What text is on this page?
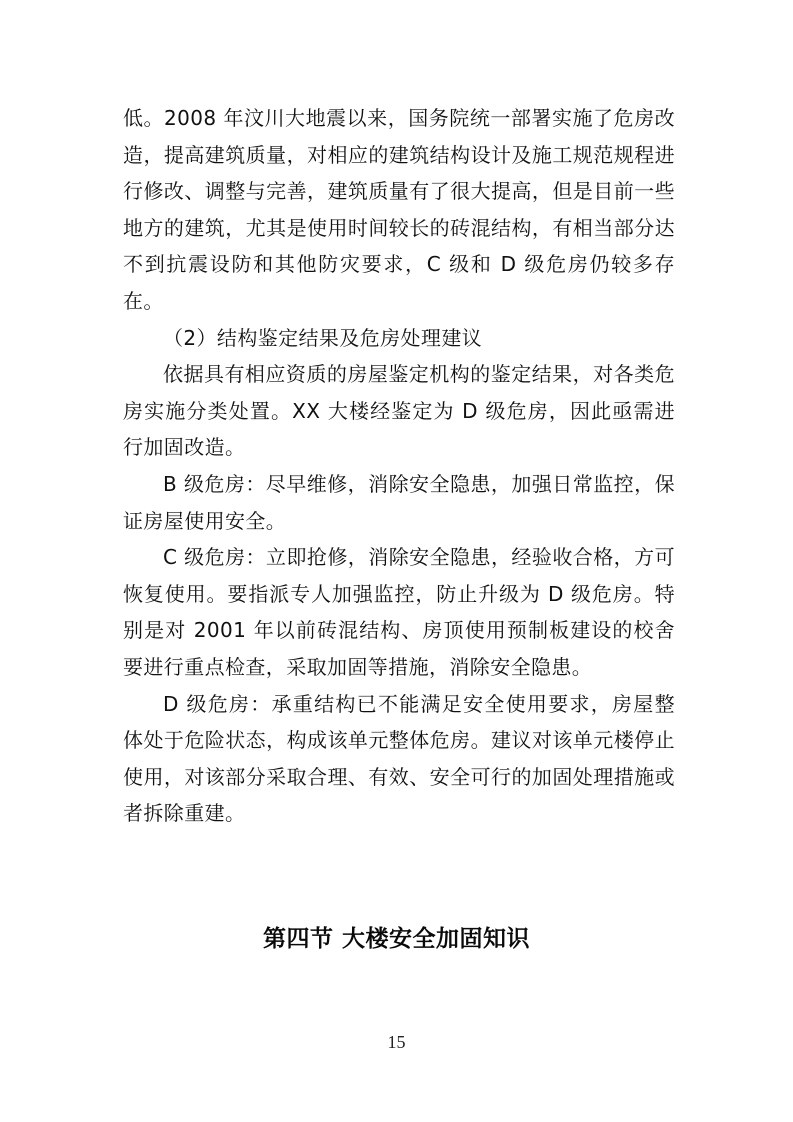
低。2008 年汶川大地震以来，国务院统一部署实施了危房改造，提高建筑质量，对相应的建筑结构设计及施工规范规程进行修改、调整与完善，建筑质量有了很大提高，但是目前一些地方的建筑，尤其是使用时间较长的砖混结构，有相当部分达不到抗震设防和其他防灾要求，C 级和 D 级危房仍较多存在。

（2）结构鉴定结果及危房处理建议

依据具有相应资质的房屋鉴定机构的鉴定结果，对各类危房实施分类处置。XX 大楼经鉴定为 D 级危房，因此亟需进行加固改造。

B 级危房：尽早维修，消除安全隐患，加强日常监控，保证房屋使用安全。

C 级危房：立即抢修，消除安全隐患，经验收合格，方可恢复使用。要指派专人加强监控，防止升级为 D 级危房。特别是对 2001 年以前砖混结构、房顶使用预制板建设的校舍要进行重点检查，采取加固等措施，消除安全隐患。

D 级危房：承重结构已不能满足安全使用要求，房屋整体处于危险状态，构成该单元整体危房。建议对该单元楼停止使用，对该部分采取合理、有效、安全可行的加固处理措施或者拆除重建。

第四节 大楼安全加固知识
15
